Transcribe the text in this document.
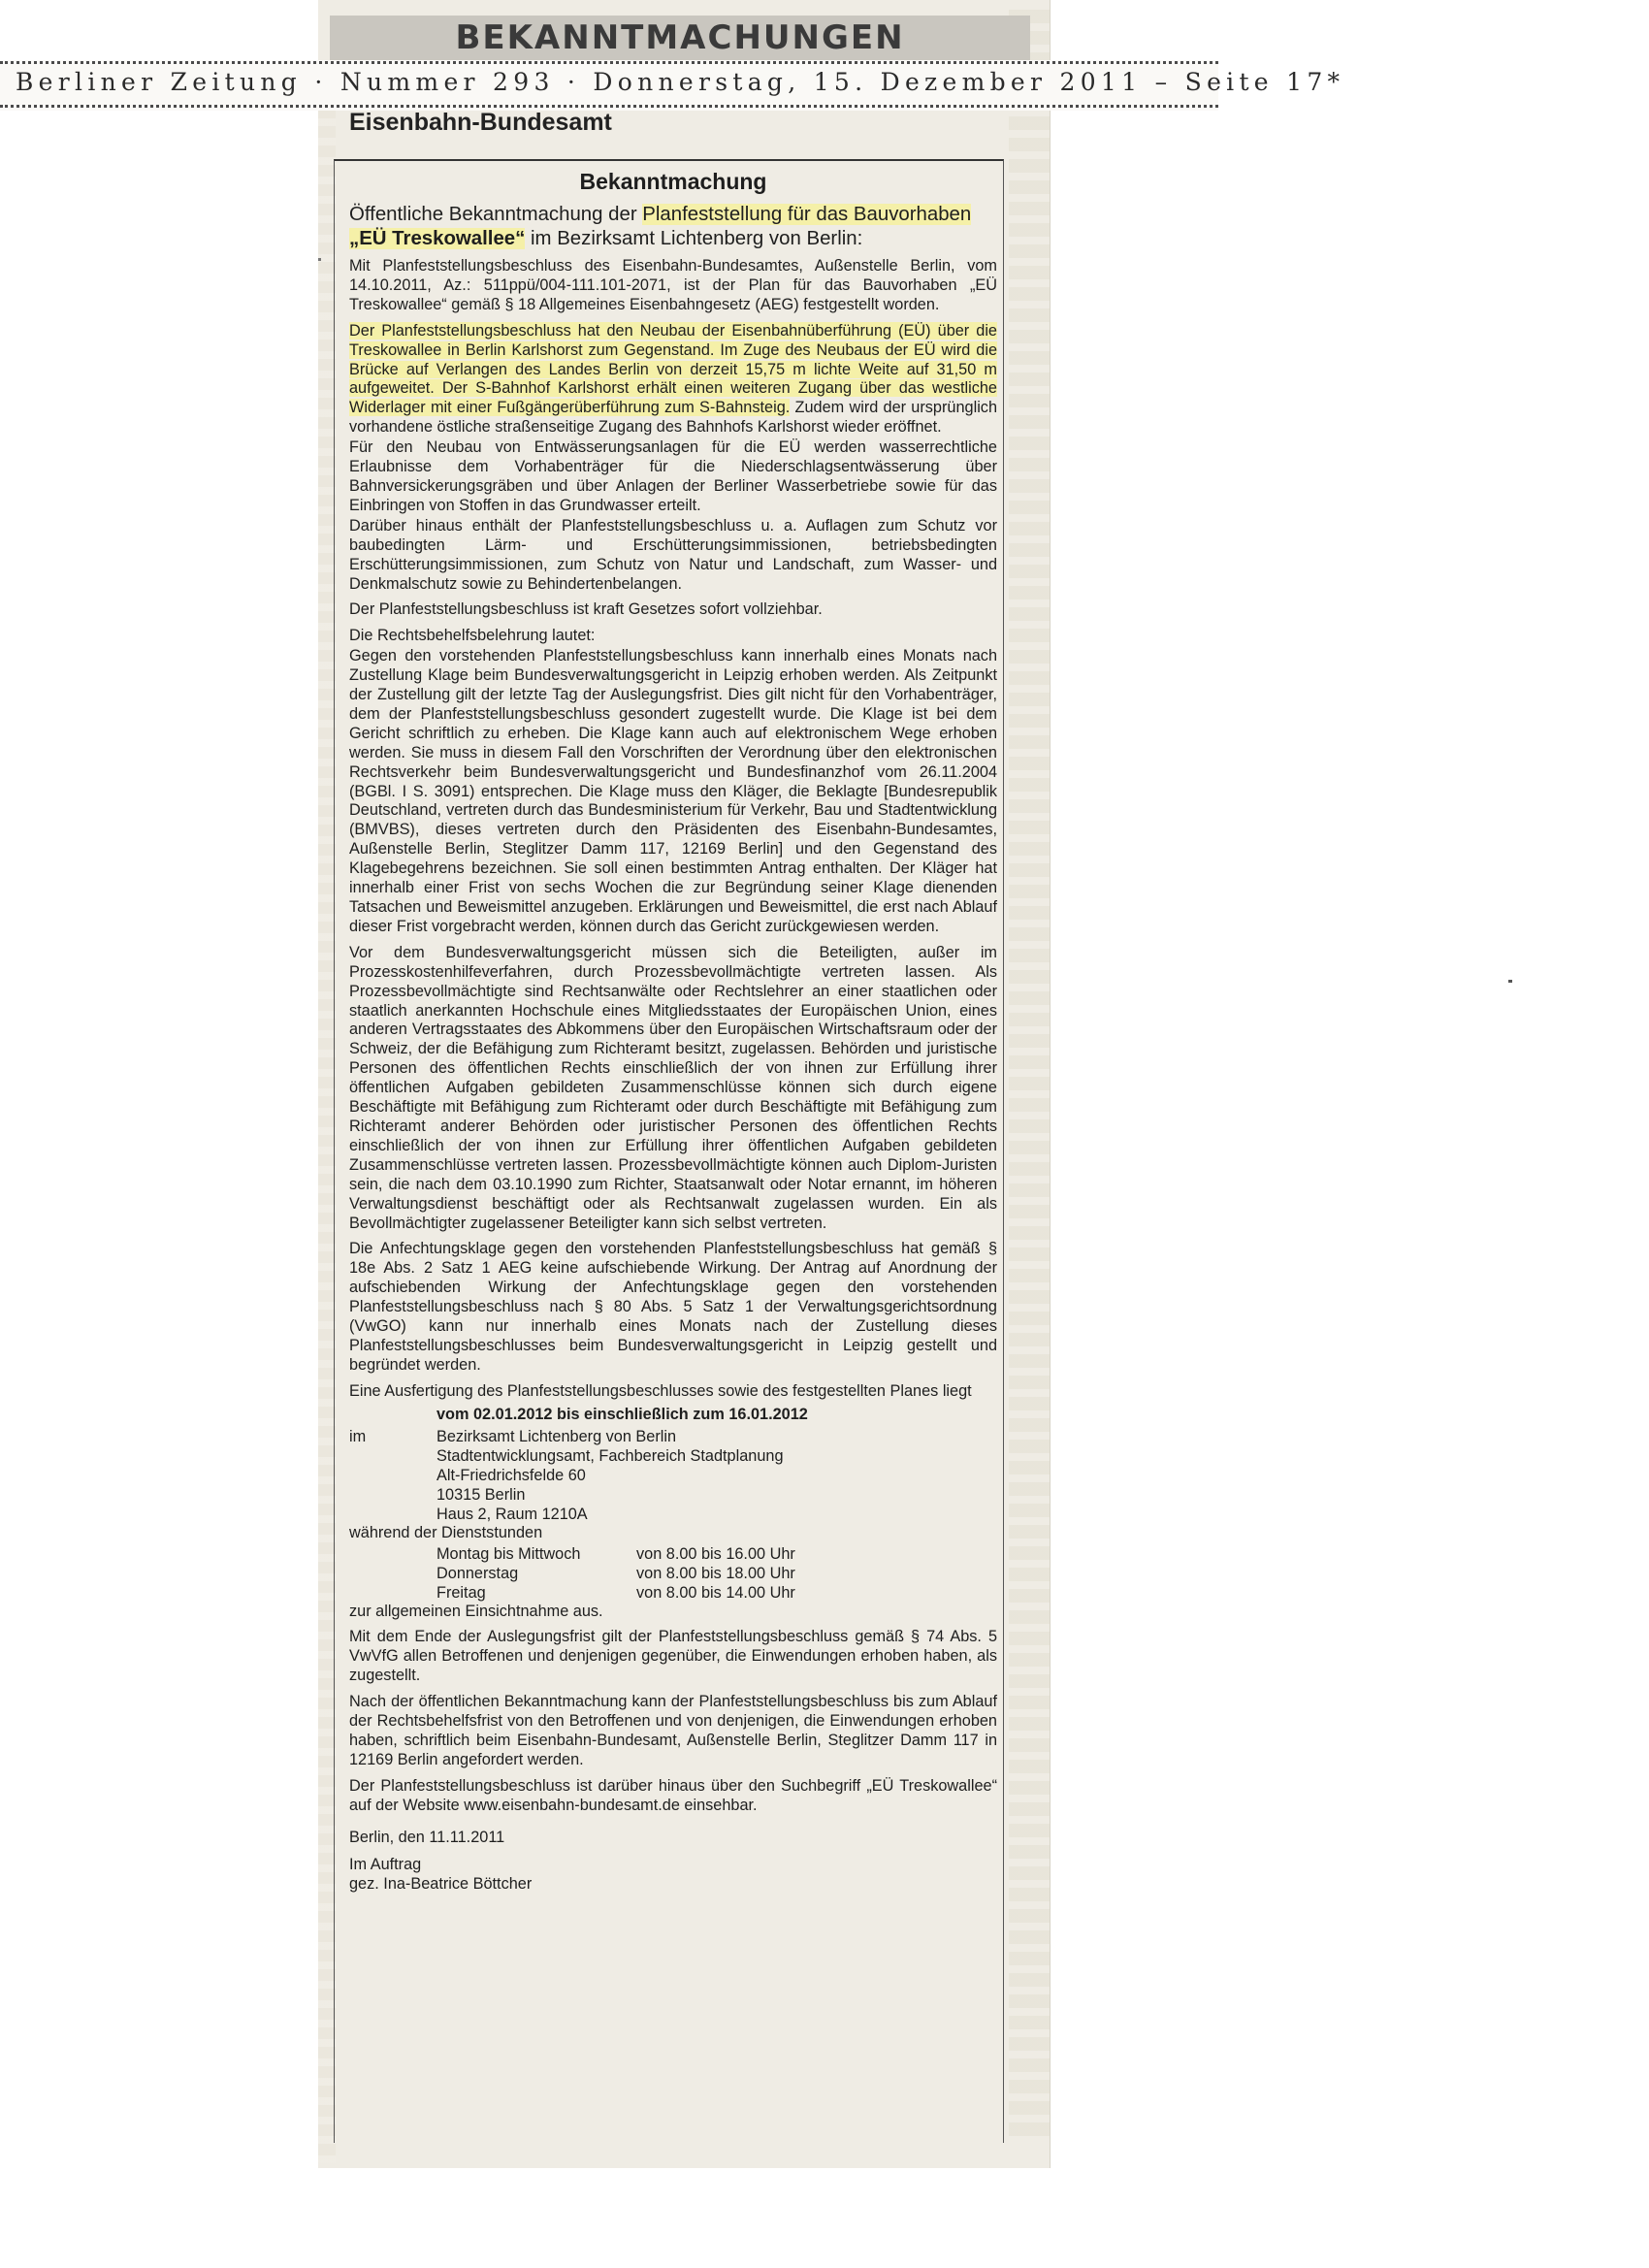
BEKANNTMACHUNGEN
Berliner Zeitung · Nummer 293 · Donnerstag, 15. Dezember 2011 – Seite 17*
Eisenbahn-Bundesamt
Bekanntmachung
Öffentliche Bekanntmachung der Planfeststellung für das Bauvorhaben „EÜ Treskowallee“ im Bezirksamt Lichtenberg von Berlin:

Mit Planfeststellungsbeschluss des Eisenbahn-Bundesamtes, Außenstelle Berlin, vom 14.10.2011, Az.: 511ppü/004-111.101-2071, ist der Plan für das Bauvorhaben „EÜ Treskowallee“ gemäß § 18 Allgemeines Eisenbahngesetz (AEG) festgestellt worden.

Der Planfeststellungsbeschluss hat den Neubau der Eisenbahnüberführung (EÜ) über die Treskowallee in Berlin Karlshorst zum Gegenstand. Im Zuge des Neubaus der EÜ wird die Brücke auf Verlangen des Landes Berlin von derzeit 15,75 m lichte Weite auf 31,50 m aufgeweitet. Der S-Bahnhof Karlshorst erhält einen weiteren Zugang über das westliche Widerlager mit einer Fußgängerüberführung zum S-Bahnsteig. Zudem wird der ursprünglich vorhandene östliche straßenseitige Zugang des Bahnhofs Karlshorst wieder eröffnet.

Für den Neubau von Entwässerungsanlagen für die EÜ werden wasserrechtliche Erlaubnisse dem Vorhabenträger für die Niederschlagsentwässerung über Bahnversickerungsgräben und über Anlagen der Berliner Wasserbetriebe sowie für das Einbringen von Stoffen in das Grundwasser erteilt.

Darüber hinaus enthält der Planfeststellungsbeschluss u. a. Auflagen zum Schutz vor baubedingten Lärm- und Erschütterungsimmissionen, betriebsbedingten Erschütterungsimmissionen, zum Schutz von Natur und Landschaft, zum Wasser- und Denkmalschutz sowie zu Behindertenbelangen.

Der Planfeststellungsbeschluss ist kraft Gesetzes sofort vollziehbar.

Die Rechtsbehelfsbelehrung lautet:

Gegen den vorstehenden Planfeststellungsbeschluss kann innerhalb eines Monats nach Zustellung Klage beim Bundesverwaltungsgericht in Leipzig erhoben werden. Als Zeitpunkt der Zustellung gilt der letzte Tag der Auslegungsfrist. Dies gilt nicht für den Vorhabenträger, dem der Planfeststellungsbeschluss gesondert zugestellt wurde. Die Klage ist bei dem Gericht schriftlich zu erheben. Die Klage kann auch auf elektronischem Wege erhoben werden. Sie muss in diesem Fall den Vorschriften der Verordnung über den elektronischen Rechtsverkehr beim Bundesverwaltungsgericht und Bundesfinanzhof vom 26.11.2004 (BGBl. I S. 3091) entsprechen. Die Klage muss den Kläger, die Beklagte [Bundesrepublik Deutschland, vertreten durch das Bundesministerium für Verkehr, Bau und Stadtentwicklung (BMVBS), dieses vertreten durch den Präsidenten des Eisenbahn-Bundesamtes, Außenstelle Berlin, Steglitzer Damm 117, 12169 Berlin] und den Gegenstand des Klagebegehrens bezeichnen. Sie soll einen bestimmten Antrag enthalten. Der Kläger hat innerhalb einer Frist von sechs Wochen die zur Begründung seiner Klage dienenden Tatsachen und Beweismittel anzugeben. Erklärungen und Beweismittel, die erst nach Ablauf dieser Frist vorgebracht werden, können durch das Gericht zurückgewiesen werden.

Vor dem Bundesverwaltungsgericht müssen sich die Beteiligten, außer im Prozesskostenhilfeverfahren, durch Prozessbevollmächtigte vertreten lassen. Als Prozessbevollmächtigte sind Rechtsanwälte oder Rechtslehrer an einer staatlichen oder staatlich anerkannten Hochschule eines Mitgliedsstaates der Europäischen Union, eines anderen Vertragsstaates des Abkommens über den Europäischen Wirtschaftsraum oder der Schweiz, der die Befähigung zum Richteramt besitzt, zugelassen. Behörden und juristische Personen des öffentlichen Rechts einschließlich der von ihnen zur Erfüllung ihrer öffentlichen Aufgaben gebildeten Zusammenschlüsse können sich durch eigene Beschäftigte mit Befähigung zum Richteramt oder durch Beschäftigte mit Befähigung zum Richteramt anderer Behörden oder juristischer Personen des öffentlichen Rechts einschließlich der von ihnen zur Erfüllung ihrer öffentlichen Aufgaben gebildeten Zusammenschlüsse vertreten lassen. Prozessbevollmächtigte können auch Diplom-Juristen sein, die nach dem 03.10.1990 zum Richter, Staatsanwalt oder Notar ernannt, im höheren Verwaltungsdienst beschäftigt oder als Rechtsanwalt zugelassen wurden. Ein als Bevollmächtigter zugelassener Beteiligter kann sich selbst vertreten.

Die Anfechtungsklage gegen den vorstehenden Planfeststellungsbeschluss hat gemäß § 18e Abs. 2 Satz 1 AEG keine aufschiebende Wirkung. Der Antrag auf Anordnung der aufschiebenden Wirkung der Anfechtungsklage gegen den vorstehenden Planfeststellungsbeschluss nach § 80 Abs. 5 Satz 1 der Verwaltungsgerichtsordnung (VwGO) kann nur innerhalb eines Monats nach der Zustellung dieses Planfeststellungsbeschlusses beim Bundesverwaltungsgericht in Leipzig gestellt und begründet werden.

Eine Ausfertigung des Planfeststellungsbeschlusses sowie des festgestellten Planes liegt

vom 02.01.2012 bis einschließlich zum 16.01.2012
im	Bezirksamt Lichtenberg von Berlin
Stadtentwicklungsamt, Fachbereich Stadtplanung
Alt-Friedrichsfelde 60
10315 Berlin
Haus 2, Raum 1210A
während der Dienststunden
Montag bis Mittwoch	von 8.00 bis 16.00 Uhr
Donnerstag	von 8.00 bis 18.00 Uhr
Freitag	von 8.00 bis 14.00 Uhr
zur allgemeinen Einsichtnahme aus.

Mit dem Ende der Auslegungsfrist gilt der Planfeststellungsbeschluss gemäß § 74 Abs. 5 VwVfG allen Betroffenen und denjenigen gegenüber, die Einwendungen erhoben haben, als zugestellt.

Nach der öffentlichen Bekanntmachung kann der Planfeststellungsbeschluss bis zum Ablauf der Rechtsbehelfsfrist von den Betroffenen und von denjenigen, die Einwendungen erhoben haben, schriftlich beim Eisenbahn-Bundesamt, Außenstelle Berlin, Steglitzer Damm 117 in 12169 Berlin angefordert werden.

Der Planfeststellungsbeschluss ist darüber hinaus über den Suchbegriff „EÜ Treskowallee“ auf der Website www.eisenbahn-bundesamt.de einsehbar.

Berlin, den 11.11.2011
Im Auftrag
gez. Ina-Beatrice Böttcher
